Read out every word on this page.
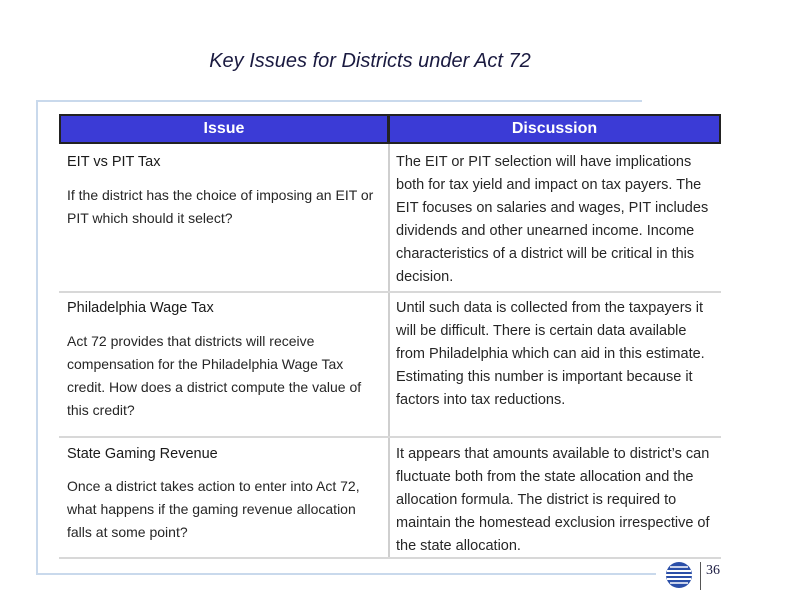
Key Issues for Districts under Act 72
Issue	Discussion
EIT vs PIT Tax
If the district has the choice of imposing an EIT or PIT which should it select?
The EIT or PIT selection will have implications both for tax yield and impact on tax payers. The EIT focuses on salaries and wages, PIT includes dividends and other unearned income. Income characteristics of a district will be critical in this decision.
Philadelphia Wage Tax
Act 72 provides that districts will receive compensation for the Philadelphia Wage Tax credit. How does a district compute the value of this credit?
Until such data is collected from the taxpayers it will be difficult. There is certain data available from Philadelphia which can aid in this estimate. Estimating this number is important because it factors into tax reductions.
State Gaming Revenue
Once a district takes action to enter into Act 72, what happens if the gaming revenue allocation falls at some point?
It appears that amounts available to district’s can fluctuate both from the state allocation and the allocation formula. The district is required to maintain the homestead exclusion irrespective of the state allocation.
36
